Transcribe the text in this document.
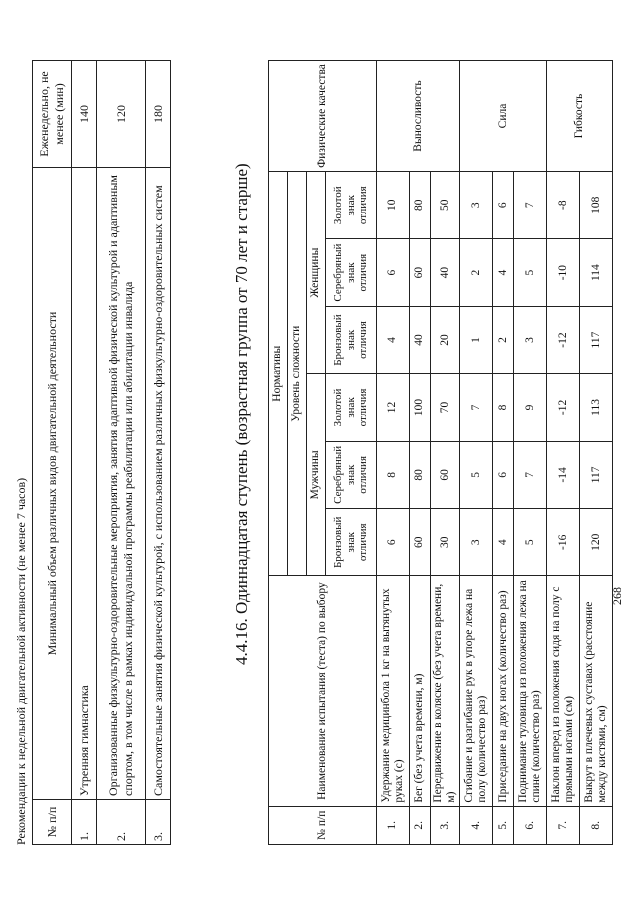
268
Рекомендации к недельной двигательной активности (не менее 7 часов) № п/п	Минимальный объем различных видов двигательной деятельности	Еженедельно, не менее (мин)
1.	Утренняя гимнастика	140
2.	Организованные физкультурно-оздоровительные мероприятия, занятия адаптивной физической культурой и адаптивным спортом, в том числе в рамках индивидуальной программы реабилитации или абилитации инвалида	120
3.	Самостоятельные занятия физической культурой, с использованием различных физкультурно-оздоровительных систем	180
4.4.16. Одиннадцатая ступень (возрастная группа от 70 лет и старше)
№ п/п	Наименование испытания (теста) по выбору	Нормативы						Физические качества
		Уровень сложности						
		Мужчины			Женщины			
		Бронзовый знак отличия	Серебряный знак отличия	Золотой знак отличия	Бронзовый знак отличия	Серебряный знак отличия	Золотой знак отличия	
1.	Удержание медицинбола 1 кг на вытянутых руках (с)	6	8	12	4	6	10	Выносливость
2.	Бег (без учета времени, м)	60	80	100	40	60	80	
3.	Передвижение в коляске (без учета времени, м)	30	60	70	20	40	50	
4.	Сгибание и разгибание рук в упоре лежа на полу (количество раз)	3	5	7	1	2	3	Сила
5.	Приседание на двух ногах (количество раз)	4	6	8	2	4	6	
6.	Поднимание туловища из положения лежа на спине (количество раз)	5	7	9	3	5	7	
7.	Наклон вперед из положения сидя на полу с прямыми ногами (см)	-16	-14	-12	-12	-10	-8	Гибкость
8.	Выкрут в плечевых суставах (расстояние между кистями, см)	120	117	113	117	114	108	
